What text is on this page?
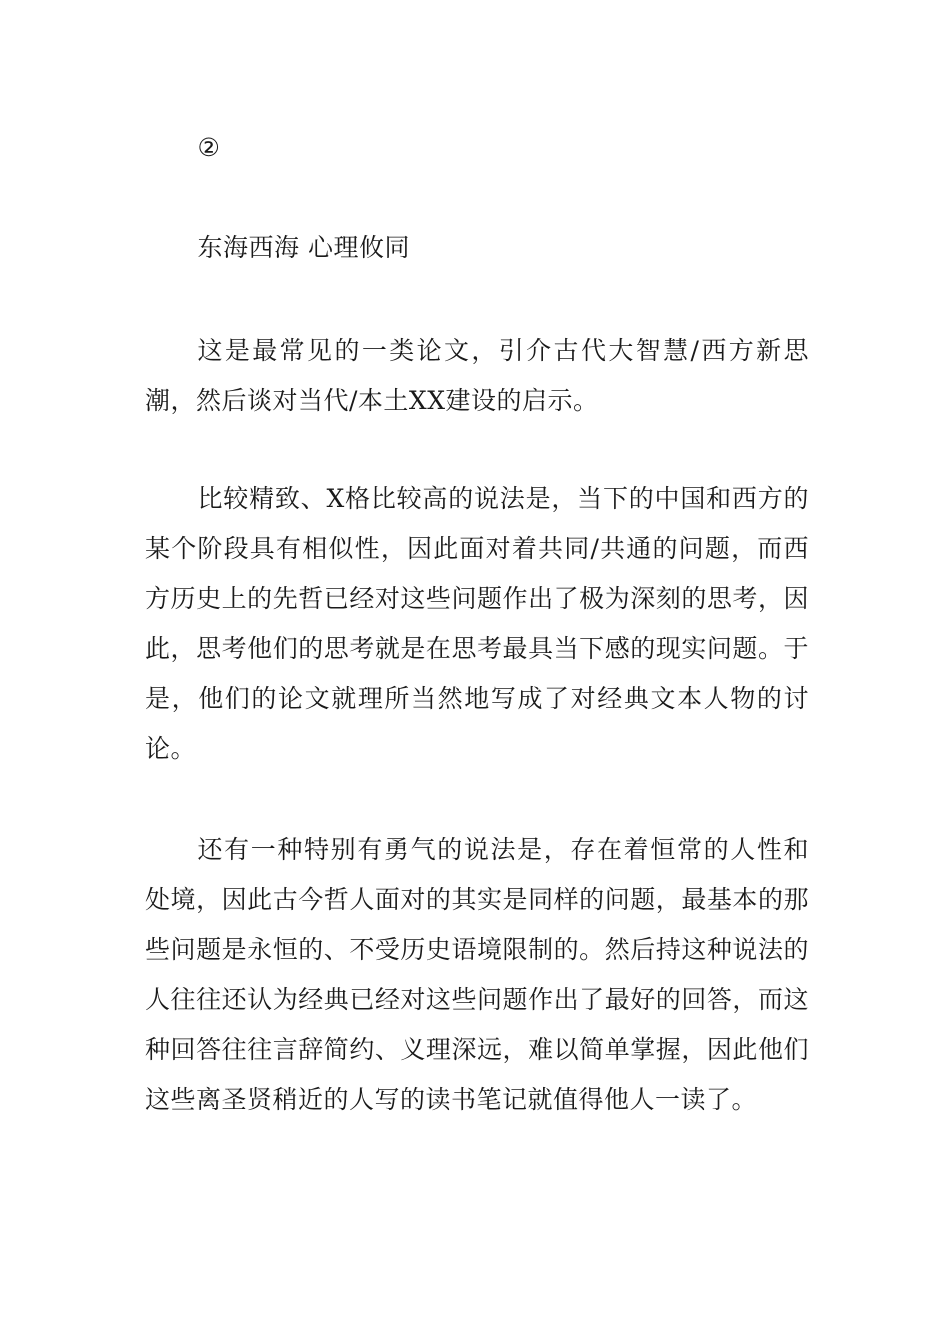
②

东海西海 心理攸同

这是最常见的一类论文，引介古代大智慧/西方新思潮，然后谈对当代/本土XX建设的启示。

比较精致、X格比较高的说法是，当下的中国和西方的某个阶段具有相似性，因此面对着共同/共通的问题，而西方历史上的先哲已经对这些问题作出了极为深刻的思考，因此，思考他们的思考就是在思考最具当下感的现实问题。于是，他们的论文就理所当然地写成了对经典文本人物的讨论。

还有一种特别有勇气的说法是，存在着恒常的人性和处境，因此古今哲人面对的其实是同样的问题，最基本的那些问题是永恒的、不受历史语境限制的。然后持这种说法的人往往还认为经典已经对这些问题作出了最好的回答，而这种回答往往言辞简约、义理深远，难以简单掌握，因此他们这些离圣贤稍近的人写的读书笔记就值得他人一读了。
